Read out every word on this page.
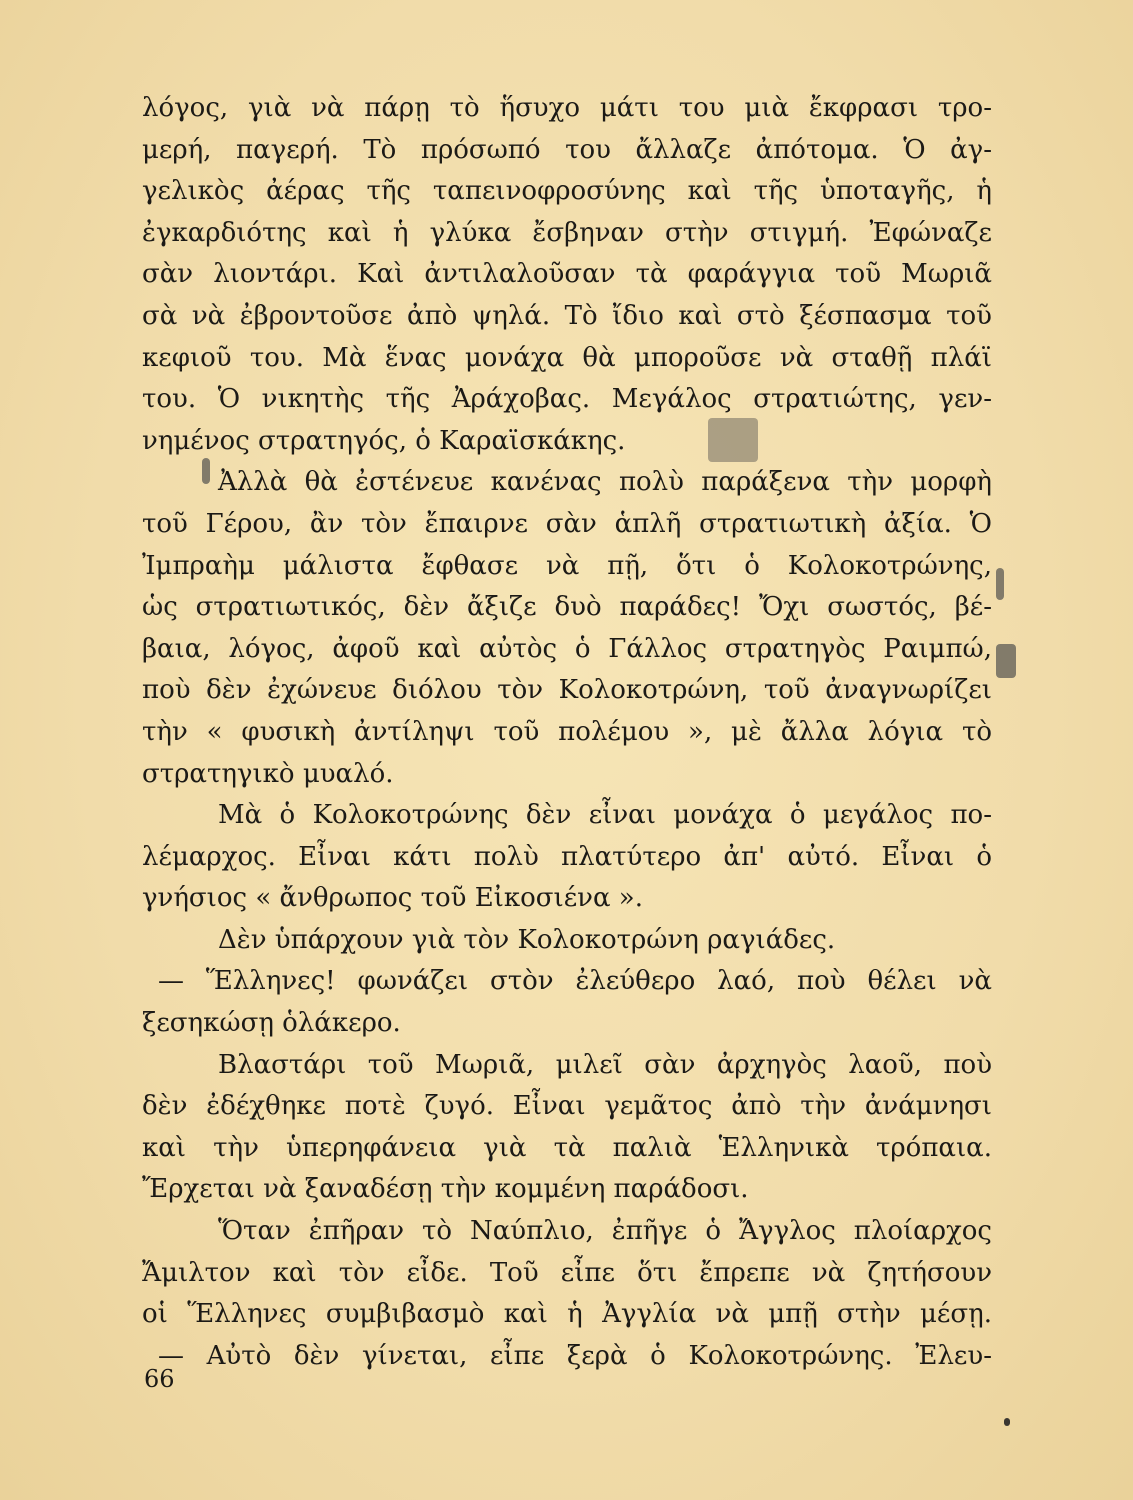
λόγος, γιὰ νὰ πάρῃ τὸ ἥσυχο μάτι του μιὰ ἔκφρασι τρο-
μερή, παγερή. Τὸ πρόσωπό του ἄλλαζε ἀπότομα. Ὁ ἀγ-
γελικὸς ἀέρας τῆς ταπεινοφροσύνης καὶ τῆς ὑποταγῆς, ἡ
ἐγκαρδιότης καὶ ἡ γλύκα ἔσβηναν στὴν στιγμή. Ἐφώναζε
σὰν λιοντάρι. Καὶ ἀντιλαλοῦσαν τὰ φαράγγια τοῦ Μωριᾶ
σὰ νὰ ἐβροντοῦσε ἀπὸ ψηλά. Τὸ ἴδιο καὶ στὸ ξέσπασμα τοῦ
κεφιοῦ του. Μὰ ἕνας μονάχα θὰ μποροῦσε νὰ σταθῇ πλάϊ
του. Ὁ νικητὴς τῆς Ἀράχοβας. Μεγάλος στρατιώτης, γεν-
νημένος στρατηγός, ὁ Καραϊσκάκης.
Ἀλλὰ θὰ ἐστένευε κανένας πολὺ παράξενα τὴν μορφὴ
τοῦ Γέρου, ἂν τὸν ἔπαιρνε σὰν ἁπλῆ στρατιωτικὴ ἀξία. Ὁ
Ἰμπραὴμ μάλιστα ἔφθασε νὰ πῇ, ὅτι ὁ Κολοκοτρώνης,
ὡς στρατιωτικός, δὲν ἄξιζε δυὸ παράδες! Ὄχι σωστός, βέ-
βαια, λόγος, ἀφοῦ καὶ αὐτὸς ὁ Γάλλος στρατηγὸς Ραιμπώ,
ποὺ δὲν ἐχώνευε διόλου τὸν Κολοκοτρώνη, τοῦ ἀναγνωρίζει
τὴν « φυσικὴ ἀντίληψι τοῦ πολέμου », μὲ ἄλλα λόγια τὸ
στρατηγικὸ μυαλό.
Μὰ ὁ Κολοκοτρώνης δὲν εἶναι μονάχα ὁ μεγάλος πο-
λέμαρχος. Εἶναι κάτι πολὺ πλατύτερο ἀπ' αὐτό. Εἶναι ὁ
γνήσιος « ἄνθρωπος τοῦ Εἰκοσιένα ».
Δὲν ὑπάρχουν γιὰ τὸν Κολοκοτρώνη ραγιάδες.
— Ἕλληνες! φωνάζει στὸν ἐλεύθερο λαό, ποὺ θέλει νὰ
ξεσηκώσῃ ὁλάκερο.
Βλαστάρι τοῦ Μωριᾶ, μιλεῖ σὰν ἀρχηγὸς λαοῦ, ποὺ
δὲν ἐδέχθηκε ποτὲ ζυγό. Εἶναι γεμᾶτος ἀπὸ τὴν ἀνάμνησι
καὶ τὴν ὑπερηφάνεια γιὰ τὰ παλιὰ Ἑλληνικὰ τρόπαια.
Ἔρχεται νὰ ξαναδέσῃ τὴν κομμένη παράδοσι.
Ὅταν ἐπῆραν τὸ Ναύπλιο, ἐπῆγε ὁ Ἄγγλος πλοίαρχος
Ἄμιλτον καὶ τὸν εἶδε. Τοῦ εἶπε ὅτι ἔπρεπε νὰ ζητήσουν
οἱ Ἕλληνες συμβιβασμὸ καὶ ἡ Ἀγγλία νὰ μπῇ στὴν μέσῃ.
— Αὐτὸ δὲν γίνεται, εἶπε ξερὰ ὁ Κολοκοτρώνης. Ἐλευ-
66
